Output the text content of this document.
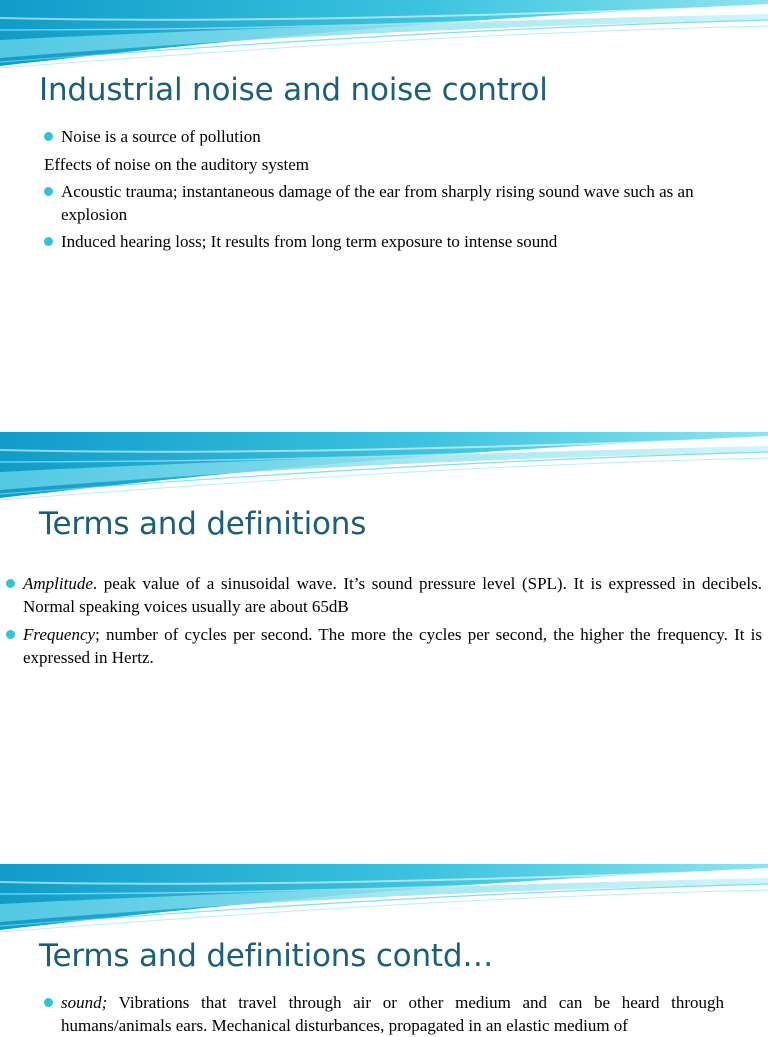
Industrial noise and noise control
Noise is a source of pollution
Effects of noise on the auditory system
Acoustic trauma; instantaneous damage of the ear from sharply rising sound wave such as an explosion
Induced hearing loss; It results from long term exposure to intense sound
Terms and definitions
Amplitude. peak value of a sinusoidal wave. It’s sound pressure level (SPL). It is expressed in decibels. Normal speaking voices usually are about 65dB
Frequency; number of cycles per second. The more the cycles per second, the higher the frequency. It is expressed in Hertz.
Terms and definitions contd…
sound; Vibrations that travel through air or other medium and can be heard through humans/animals ears. Mechanical disturbances, propagated in an elastic medium of
